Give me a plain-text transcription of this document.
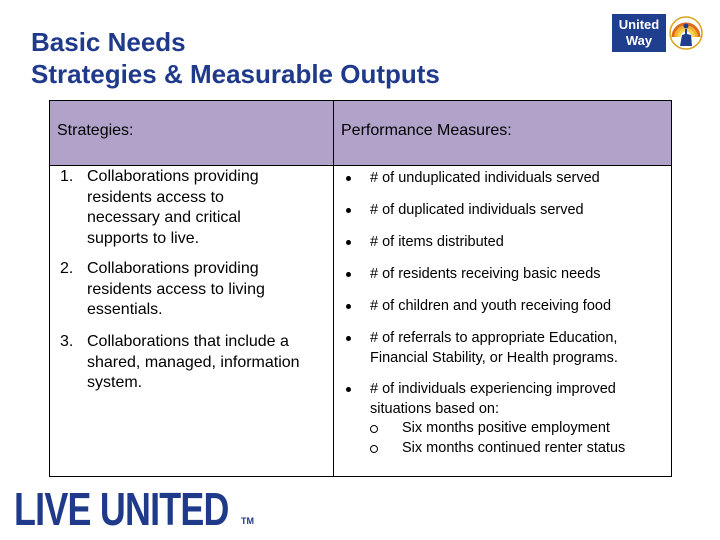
Basic Needs
Strategies & Measurable Outputs
United
Way
Strategies:	Performance Measures:
1. Collaborations providing
residents access to
necessary and critical
supports to live.
2. Collaborations providing
residents access to living
essentials.
3. Collaborations that include a
shared, managed, information
system.
# of unduplicated individuals served
# of duplicated individuals served
# of items distributed
# of residents receiving basic needs
# of children and youth receiving food
# of referrals to appropriate Education, Financial Stability, or Health programs.
# of individuals experiencing improved situations based on:
Six months positive employment
Six months continued renter status
LIVE UNITED TM
